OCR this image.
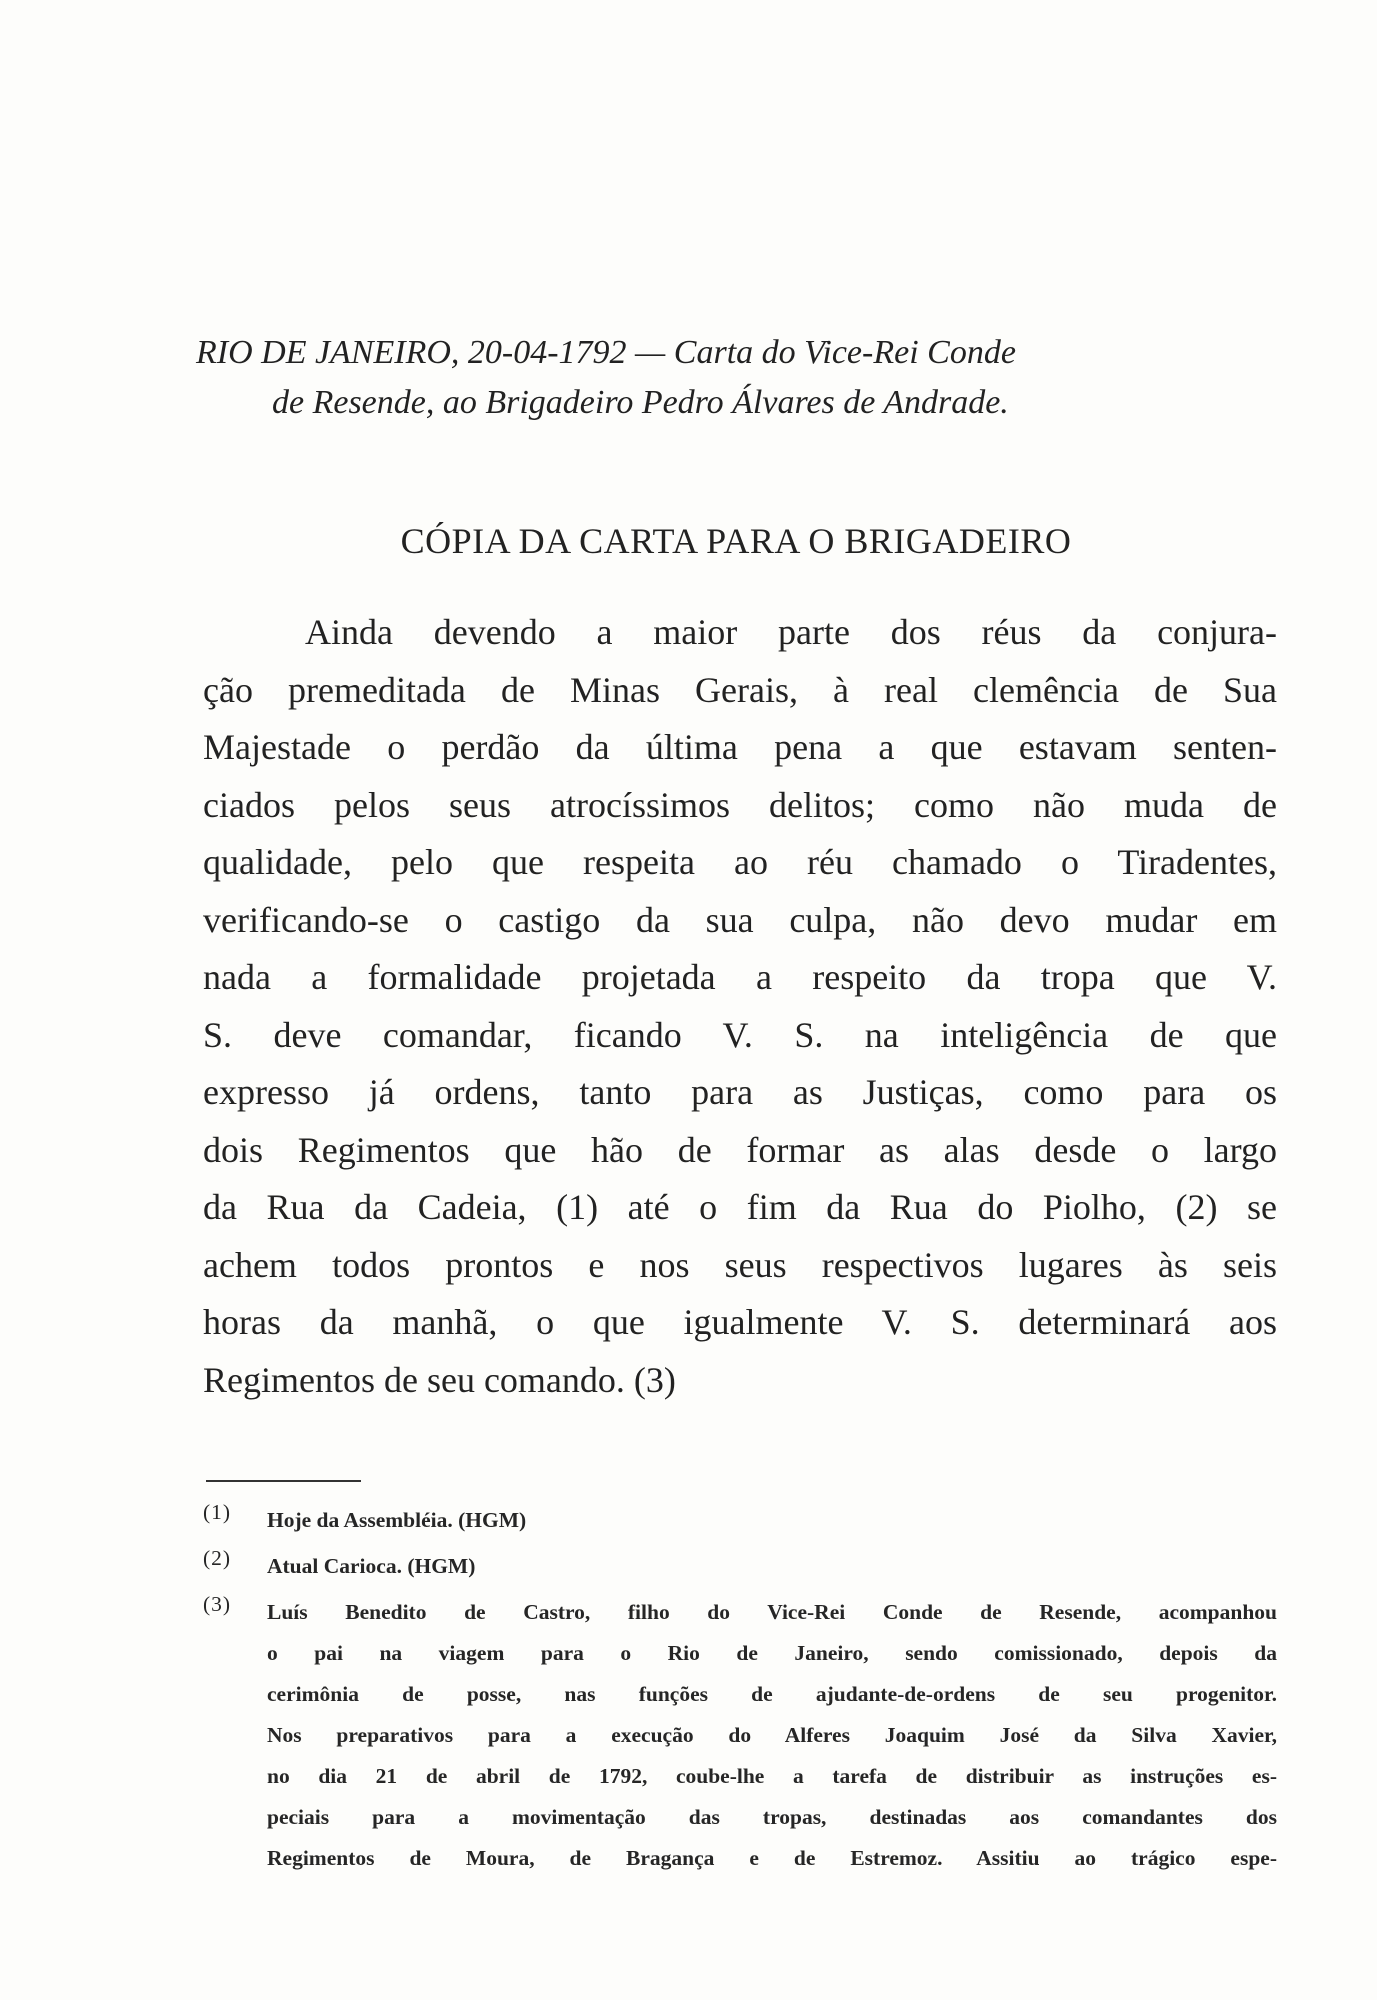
RIO DE JANEIRO, 20-04-1792 — Carta do Vice-Rei Conde
de Resende, ao Brigadeiro Pedro Álvares de Andrade.
CÓPIA DA CARTA PARA O BRIGADEIRO
Ainda devendo a maior parte dos réus da conjura-
ção premeditada de Minas Gerais, à real clemência de Sua
Majestade o perdão da última pena a que estavam senten-
ciados pelos seus atrocíssimos delitos; como não muda de
qualidade, pelo que respeita ao réu chamado o Tiradentes,
verificando-se o castigo da sua culpa, não devo mudar em
nada a formalidade projetada a respeito da tropa que V.
S. deve comandar, ficando V. S. na inteligência de que
expresso já ordens, tanto para as Justiças, como para os
dois Regimentos que hão de formar as alas desde o largo
da Rua da Cadeia, (1) até o fim da Rua do Piolho, (2) se
achem todos prontos e nos seus respectivos lugares às seis
horas da manhã, o que igualmente V. S. determinará aos
Regimentos de seu comando. (3)
(1) Hoje da Assembléia. (HGM)
(2) Atual Carioca. (HGM)
(3) Luís Benedito de Castro, filho do Vice-Rei Conde de Resende, acompanhou
o pai na viagem para o Rio de Janeiro, sendo comissionado, depois da
cerimônia de posse, nas funções de ajudante-de-ordens de seu progenitor.
Nos preparativos para a execução do Alferes Joaquim José da Silva Xavier,
no dia 21 de abril de 1792, coube-lhe a tarefa de distribuir as instruções es-
peciais para a movimentação das tropas, destinadas aos comandantes dos
Regimentos de Moura, de Bragança e de Estremoz. Assitiu ao trágico espe-
